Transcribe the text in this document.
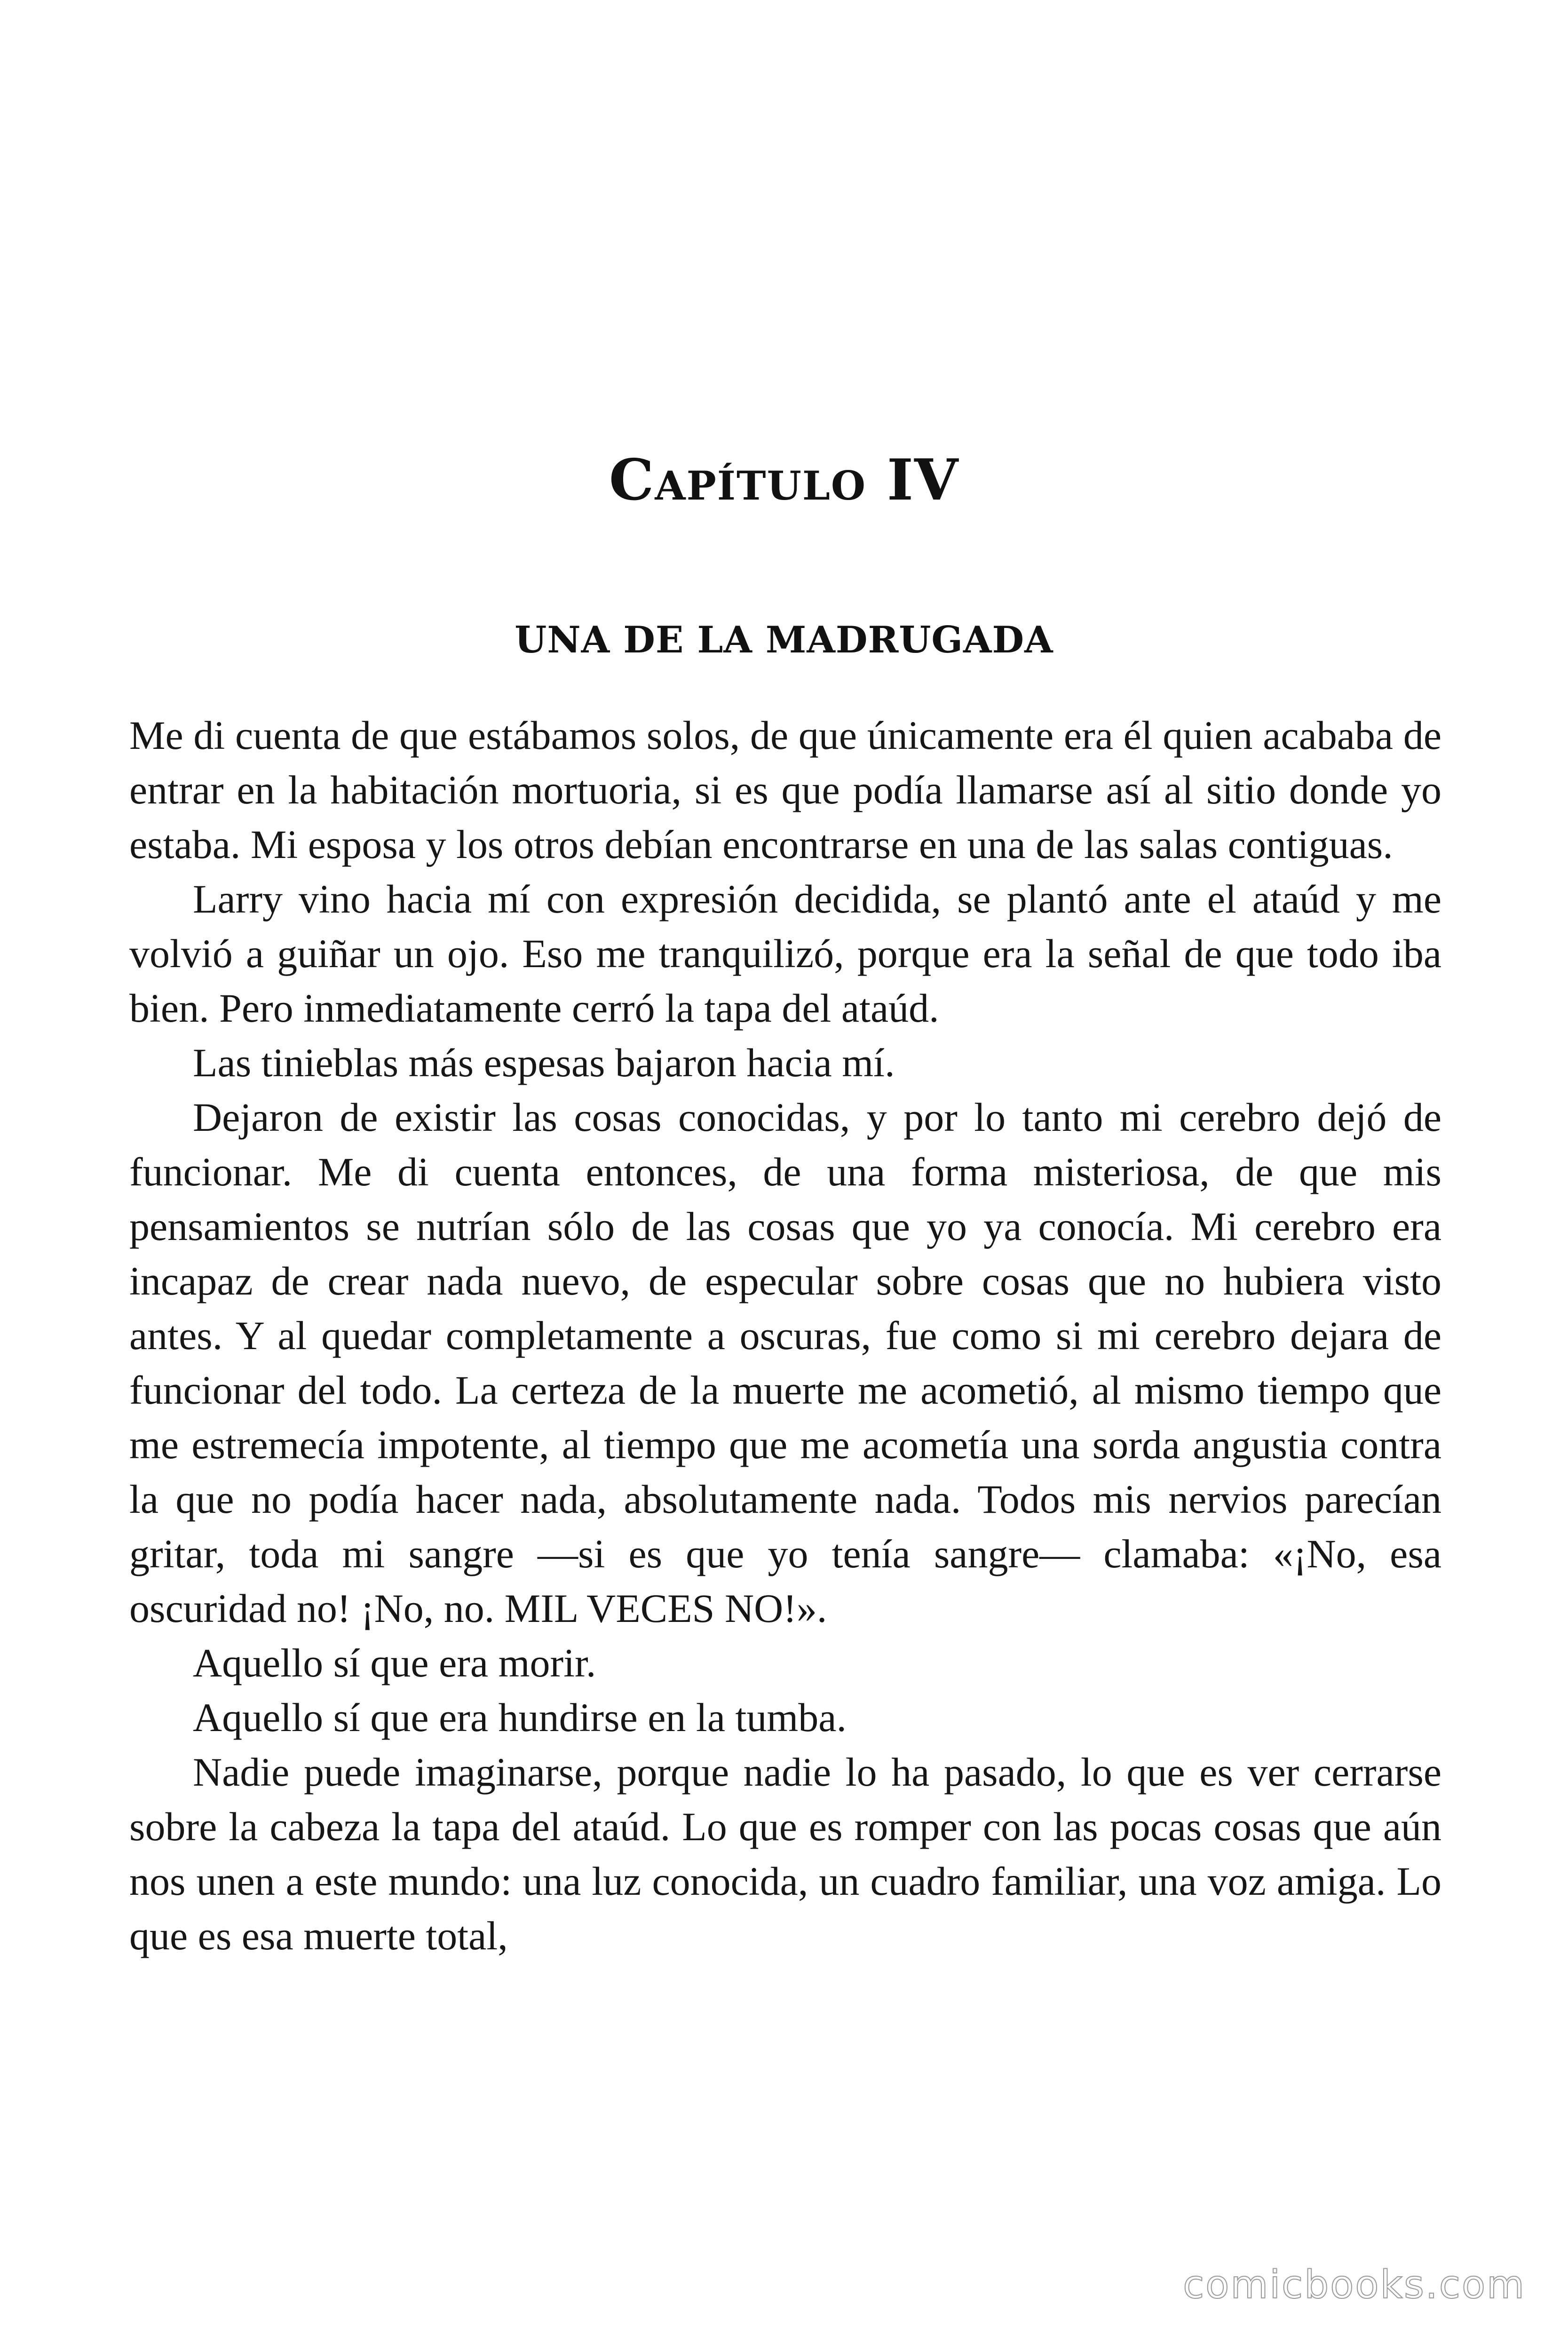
Capítulo IV
UNA DE LA MADRUGADA

Me di cuenta de que estábamos solos, de que únicamente era él quien acababa de entrar en la habitación mortuoria, si es que podía llamarse así al sitio donde yo estaba. Mi esposa y los otros debían encontrarse en una de las salas contiguas.

Larry vino hacia mí con expresión decidida, se plantó ante el ataúd y me volvió a guiñar un ojo. Eso me tranquilizó, porque era la señal de que todo iba bien. Pero inmediatamente cerró la tapa del ataúd.

Las tinieblas más espesas bajaron hacia mí.

Dejaron de existir las cosas conocidas, y por lo tanto mi cerebro dejó de funcionar. Me di cuenta entonces, de una forma misteriosa, de que mis pensamientos se nutrían sólo de las cosas que yo ya conocía. Mi cerebro era incapaz de crear nada nuevo, de especular sobre cosas que no hubiera visto antes. Y al quedar completamente a oscuras, fue como si mi cerebro dejara de funcionar del todo. La certeza de la muerte me acometió, al mismo tiempo que me estremecía impotente, al tiempo que me acometía una sorda angustia contra la que no podía hacer nada, absolutamente nada. Todos mis nervios parecían gritar, toda mi sangre —si es que yo tenía sangre— clamaba: «¡No, esa oscuridad no! ¡No, no. MIL VECES NO!».

Aquello sí que era morir.

Aquello sí que era hundirse en la tumba.

Nadie puede imaginarse, porque nadie lo ha pasado, lo que es ver cerrarse sobre la cabeza la tapa del ataúd. Lo que es romper con las pocas cosas que aún nos unen a este mundo: una luz conocida, un cuadro familiar, una voz amiga. Lo que es esa muerte total,

comicbooks.com
